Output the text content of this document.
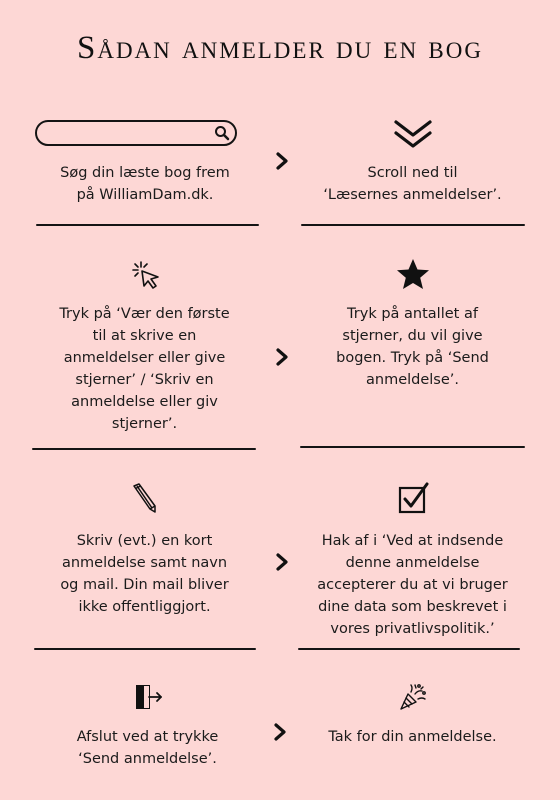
Sådan anmelder du en bog
Søg din læste bog frem
på WilliamDam.dk.
Scroll ned til
‘Læsernes anmeldelser’.
Tryk på ‘Vær den første
til at skrive en
anmeldelser eller give
stjerner’ / ‘Skriv en
anmeldelse eller giv
stjerner’.
Tryk på antallet af
stjerner, du vil give
bogen. Tryk på ‘Send
anmeldelse’.
Skriv (evt.) en kort
anmeldelse samt navn
og mail. Din mail bliver
ikke offentliggjort.
Hak af i ‘Ved at indsende
denne anmeldelse
accepterer du at vi bruger
dine data som beskrevet i
vores privatlivspolitik.’
Afslut ved at trykke
‘Send anmeldelse’.
Tak for din anmeldelse.
